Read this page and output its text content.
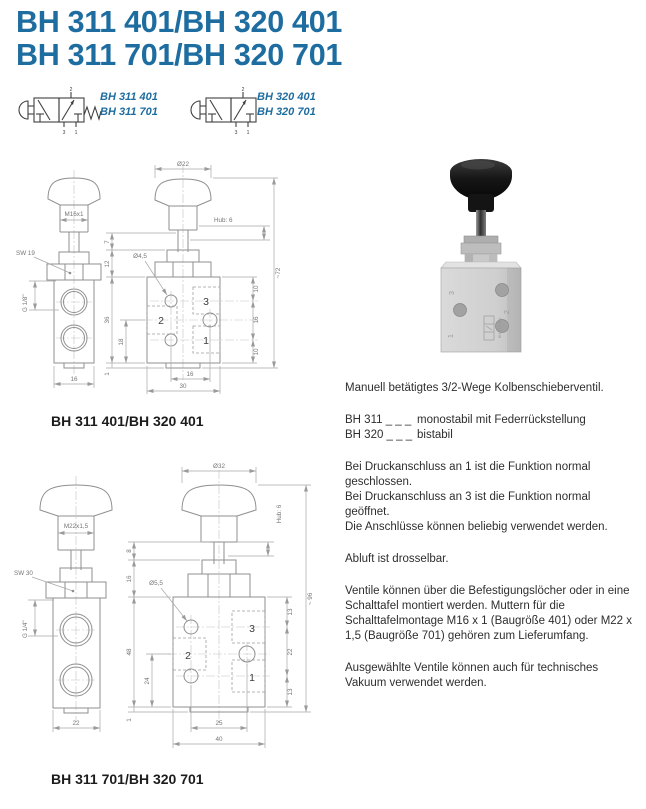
BH 311 401/BH 320 401
BH 311 701/BH 320 701
2
3 1
BH 311 401
BH 311 701
2
3 1
BH 320 401
BH 320 701
M16x1
SW 19
G 1/8"
16
Ø22
Hub: 6
Ø4,5
7
12
36
18
1
10
16
10
~72
16
30
3
2
1
BH 311 401/BH 320 401
M22x1,5
SW 30
G 1/4"
22
Ø32
Hub: 6
Ø5,5
8
16
48
1
24
13
22
13
~ 96
25
40
3
2
1
BH 311 701/BH 320 701
3
2
1	BH 311 401

Manuell betätigtes 3/2-Wege Kolbenschieberventil.

BH 311 _ _ _ monostabil mit Federrückstellung
BH 320 _ _ _ bistabil

Bei Druckanschluss an 1 ist die Funktion normal geschlossen.

Bei Druckanschluss an 3 ist die Funktion normal geöffnet.

Die Anschlüsse können beliebig verwendet werden.

Abluft ist drosselbar.

Ventile können über die Befestigungslöcher oder in eine Schalttafel montiert werden. Muttern für die Schalttafelmontage M16 x 1 (Baugröße 401) oder M22 x 1,5 (Baugröße 701) gehören zum Lieferumfang.

Ausgewählte Ventile können auch für technisches Vakuum verwendet werden.
